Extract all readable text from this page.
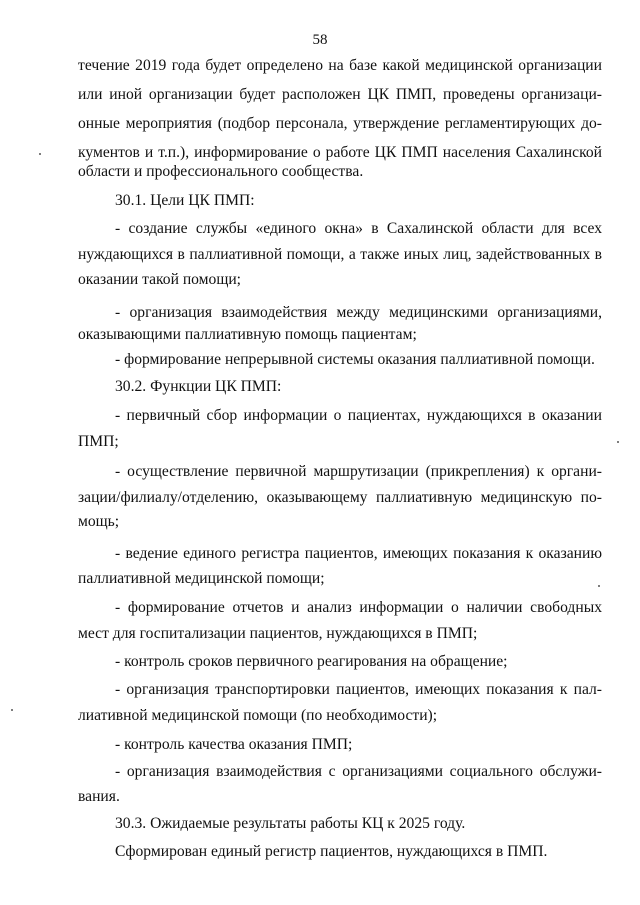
58
течение 2019 года будет определено на базе какой медицинской организации
или иной организации будет расположен ЦК ПМП, проведены организаци-
онные мероприятия (подбор персонала, утверждение регламентирующих до-
кументов и т.п.), информирование о работе ЦК ПМП населения Сахалинской
области и профессионального сообщества.
30.1. Цели ЦК ПМП:
- создание службы «единого окна» в Сахалинской области для всех
нуждающихся в паллиативной помощи, а также иных лиц, задействованных в
оказании такой помощи;
- организация взаимодействия между медицинскими организациями,
оказывающими паллиативную помощь пациентам;
- формирование непрерывной системы оказания паллиативной помощи.
30.2. Функции ЦК ПМП:
- первичный сбор информации о пациентах, нуждающихся в оказании
ПМП;
- осуществление первичной маршрутизации (прикрепления) к органи-
зации/филиалу/отделению, оказывающему паллиативную медицинскую по-
мощь;
- ведение единого регистра пациентов, имеющих показания к оказанию
паллиативной медицинской помощи;
- формирование отчетов и анализ информации о наличии свободных
мест для госпитализации пациентов, нуждающихся в ПМП;
- контроль сроков первичного реагирования на обращение;
- организация транспортировки пациентов, имеющих показания к пал-
лиативной медицинской помощи (по необходимости);
- контроль качества оказания ПМП;
- организация взаимодействия с организациями социального обслужи-
вания.
30.3. Ожидаемые результаты работы КЦ к 2025 году.
Сформирован единый регистр пациентов, нуждающихся в ПМП.
